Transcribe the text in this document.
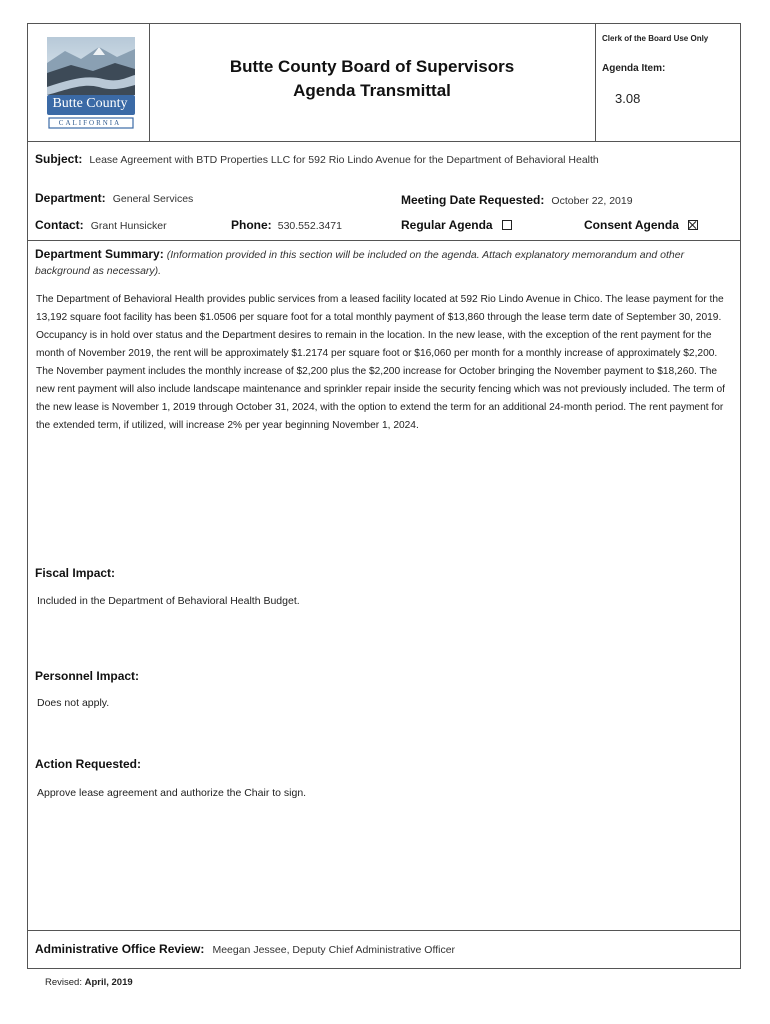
Butte County
CALIFORNIA
Butte County Board of Supervisors
Agenda Transmittal
Clerk of the Board Use Only
Agenda Item:
3.08
Subject: Lease Agreement with BTD Properties LLC for 592 Rio Lindo Avenue for the Department of Behavioral Health
Department: General Services	Meeting Date Requested: October 22, 2019
Contact: Grant Hunsicker	Phone: 530.552.3471	Regular Agenda	Consent Agenda
Department Summary: (Information provided in this section will be included on the agenda. Attach explanatory memorandum and other background as necessary).
The Department of Behavioral Health provides public services from a leased facility located at 592 Rio Lindo Avenue in Chico. The lease payment for the 13,192 square foot facility has been $1.0506 per square foot for a total monthly payment of $13,860 through the lease term date of September 30, 2019. Occupancy is in hold over status and the Department desires to remain in the location. In the new lease, with the exception of the rent payment for the month of November 2019, the rent will be approximately $1.2174 per square foot or $16,060 per month for a monthly increase of approximately $2,200. The November payment includes the monthly increase of $2,200 plus the $2,200 increase for October bringing the November payment to $18,260. The new rent payment will also include landscape maintenance and sprinkler repair inside the security fencing which was not previously included. The term of the new lease is November 1, 2019 through October 31, 2024, with the option to extend the term for an additional 24-month period. The rent payment for the extended term, if utilized, will increase 2% per year beginning November 1, 2024.
Fiscal Impact:
Included in the Department of Behavioral Health Budget.
Personnel Impact:
Does not apply.
Action Requested:
Approve lease agreement and authorize the Chair to sign.
Administrative Office Review: Meegan Jessee, Deputy Chief Administrative Officer
Revised: April, 2019
